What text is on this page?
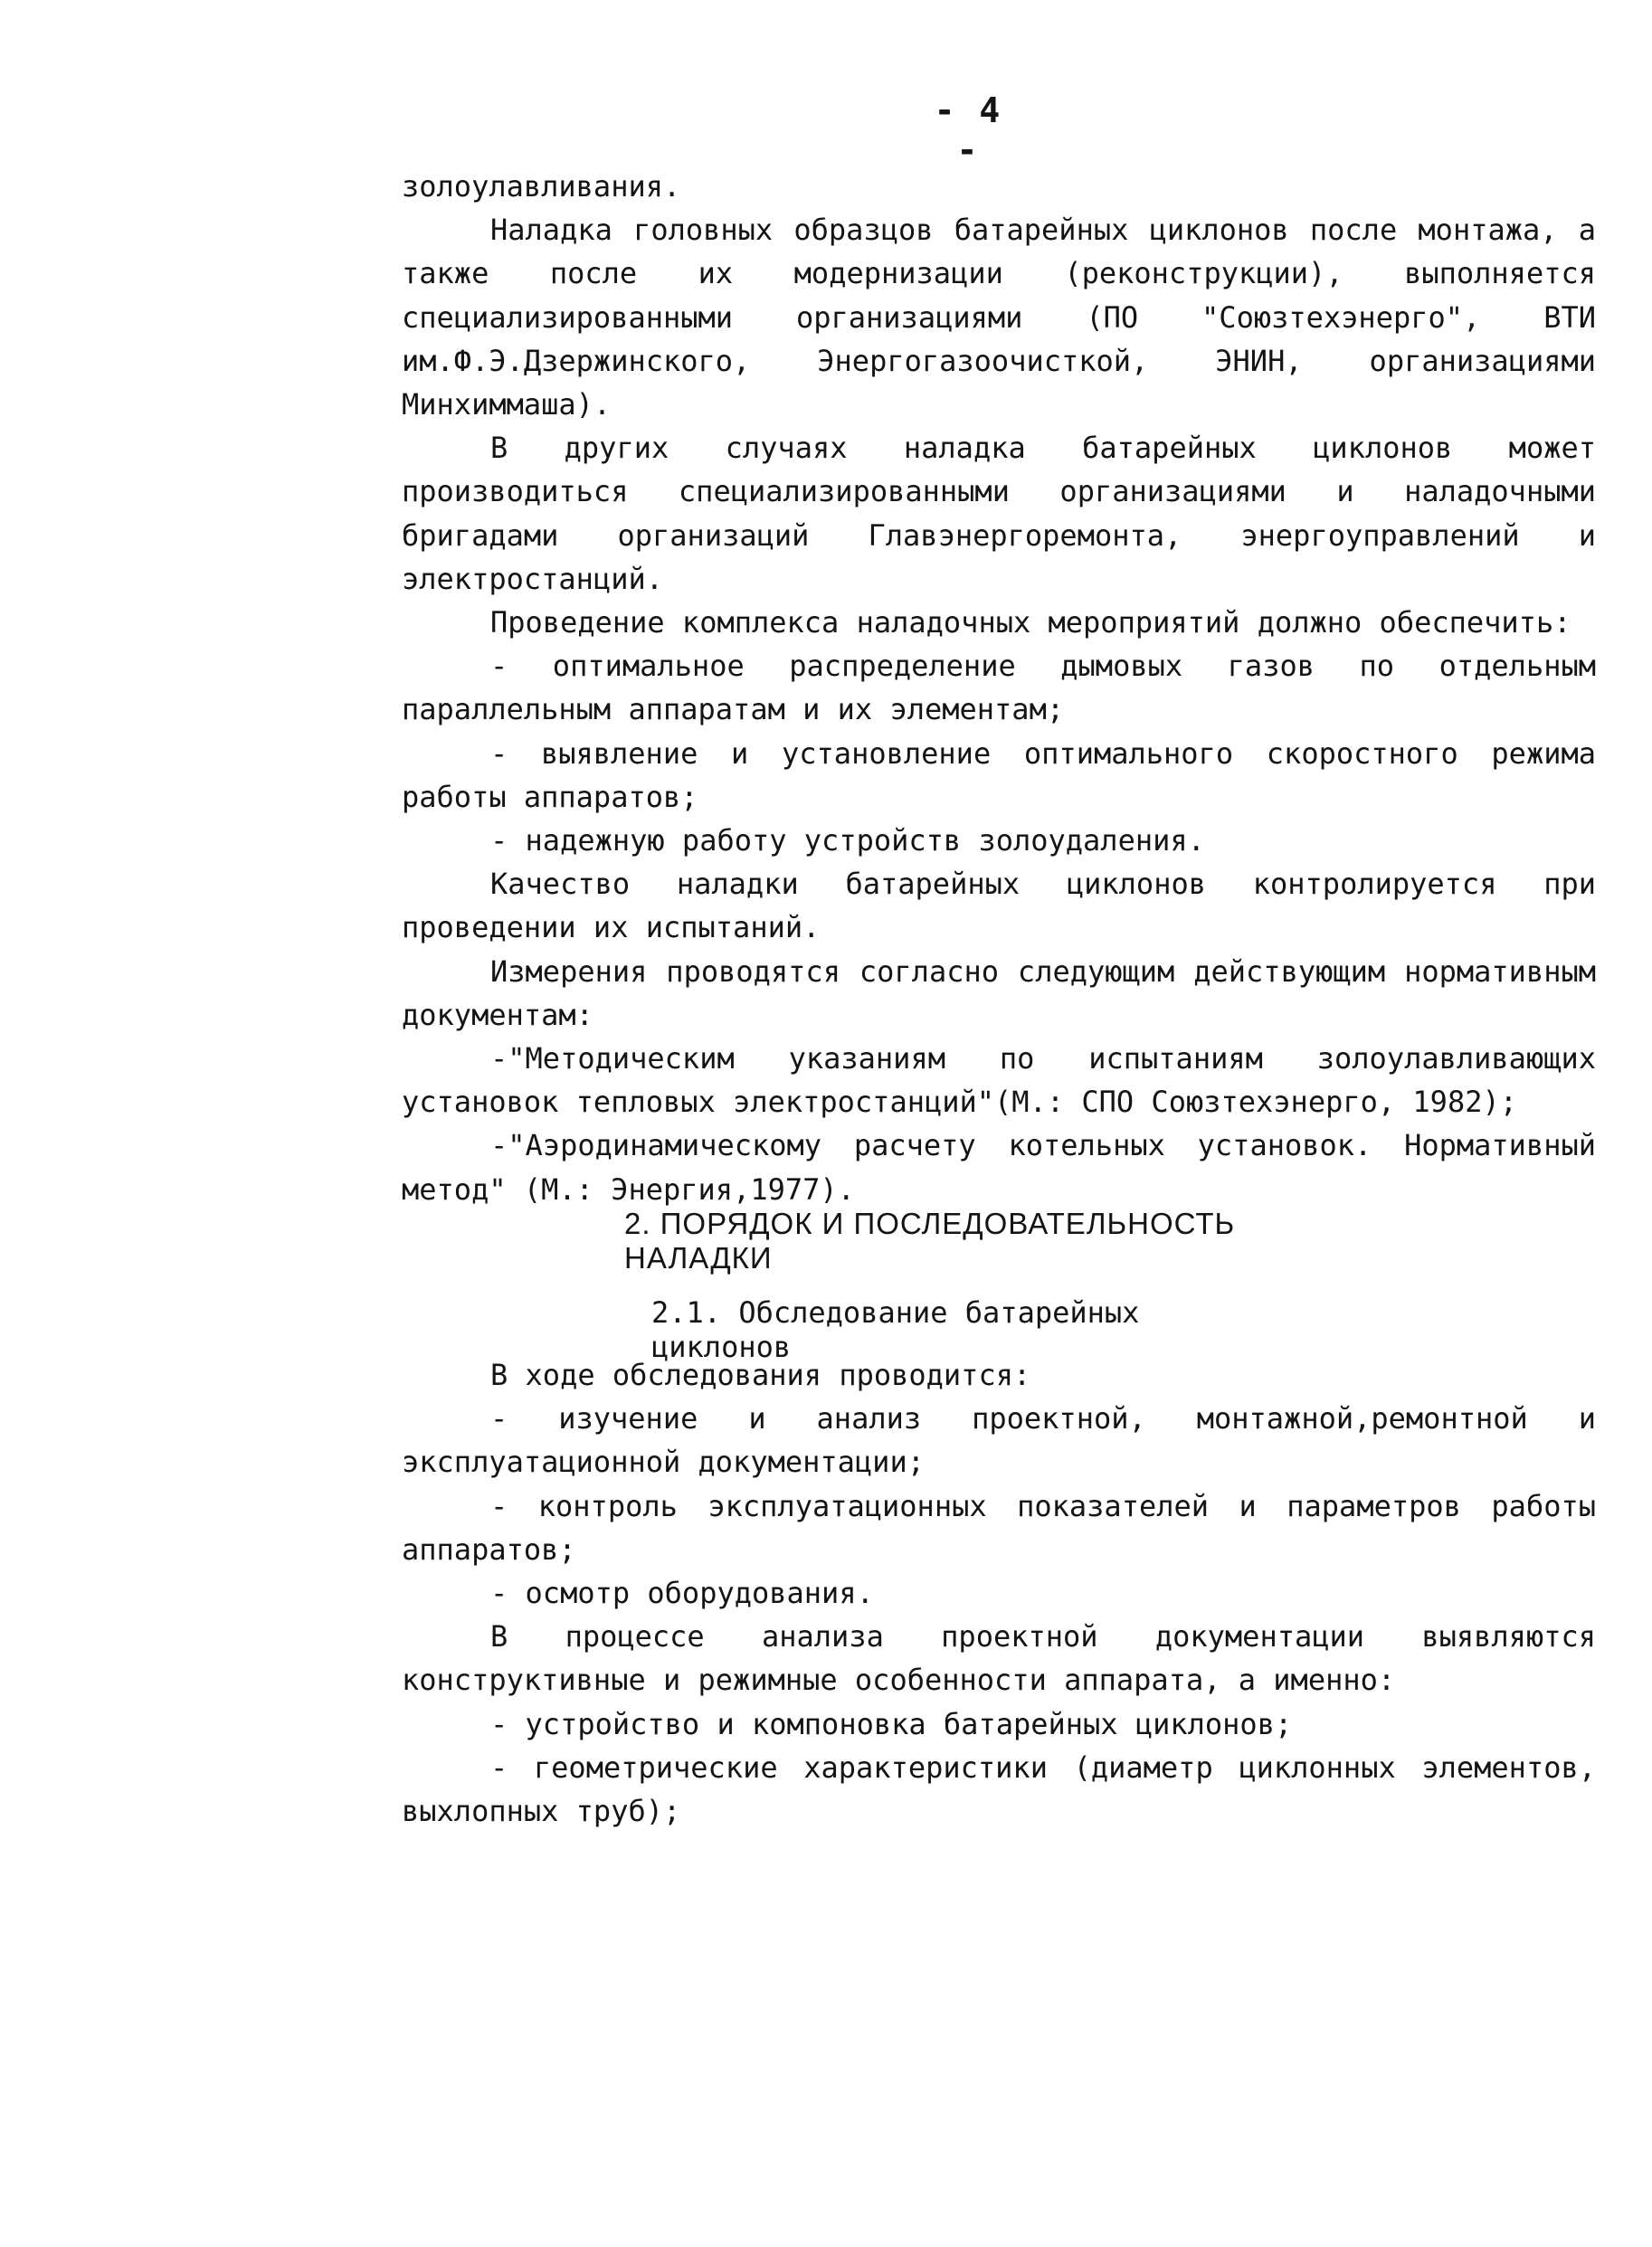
- 4 -

золоулавливания.

Наладка головных образцов батарейных циклонов после монтажа, а также после их модернизации (реконструкции), выполняется специализированными организациями (ПО "Союзтехэнерго", ВТИ им.Ф.Э.Дзержинского, Энергогазоочисткой, ЭНИН, организациями Минхиммаша).

В других случаях наладка батарейных циклонов может производиться специализированными организациями и наладочными бригадами организаций Главэнергоремонта, энергоуправлений и электростанций.

Проведение комплекса наладочных мероприятий должно обеспечить:

- оптимальное распределение дымовых газов по отдельным параллельным аппаратам и их элементам;

- выявление и установление оптимального скоростного режима работы аппаратов;

- надежную работу устройств золоудаления.

Качество наладки батарейных циклонов контролируется при проведении их испытаний.

Измерения проводятся согласно следующим действующим нормативным документам:

-"Методическим указаниям по испытаниям золоулавливающих установок тепловых электростанций"(М.: СПО Союзтехэнерго, 1982);

-"Аэродинамическому расчету котельных установок. Нормативный метод" (М.: Энергия,1977).

2. ПОРЯДОК И ПОСЛЕДОВАТЕЛЬНОСТЬ НАЛАДКИ
2.1. Обследование батарейных циклонов

В ходе обследования проводится:

- изучение и анализ проектной, монтажной,ремонтной и эксплуатационной документации;

- контроль эксплуатационных показателей и параметров работы аппаратов;

- осмотр оборудования.

В процессе анализа проектной документации выявляются конструктивные и режимные особенности аппарата, а именно:

- устройство и компоновка батарейных циклонов;

- геометрические характеристики (диаметр циклонных элементов, выхлопных труб);
